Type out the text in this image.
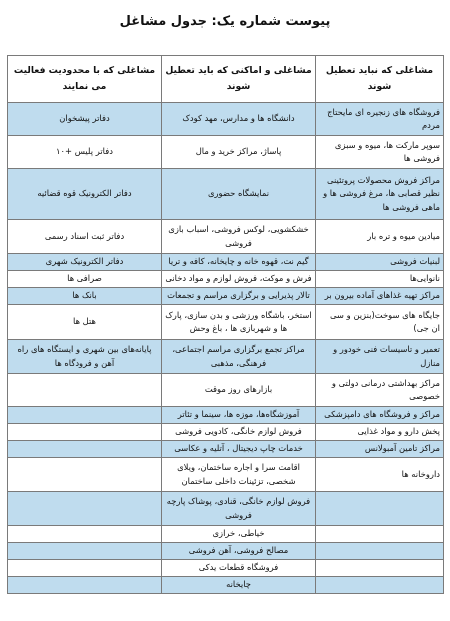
پیوست شماره یک: جدول مشاغل
مشاغلی که نباید تعطیل شوند	مشاغلی و اماکنی که باید تعطیل شوند	مشاغلی که با محدودیت فعالیت می نمایند
فروشگاه های زنجیره ای مایحتاج مردم	دانشگاه ها و مدارس، مهد کودک	دفاتر پیشخوان
سوپر مارکت ها، میوه و سبزی فروشی ها	پاساژ، مراکز خرید و مال	دفاتر پلیس +۱۰
مراکز فروش محصولات پروتئینی نظیر قصابی ها، مرغ فروشی ها و ماهی فروشی ها	نمایشگاه حضوری	دفاتر الکترونیک قوه قضائیه
میادین میوه و تره بار	خشکشویی، لوکس فروشی، اسباب بازی فروشی	دفاتر ثبت اسناد رسمی
لبنیات فروشی	گیم نت، قهوه خانه و چایخانه، کافه و تریا	دفاتر الکترونیک شهری
نانوایی‌ها	فرش و موکت، فروش لوازم و مواد دخانی	صرافی ها
مراکز تهیه غذاهای آماده بیرون بر	تالار پذیرایی و برگزاری مراسم و تجمعات	بانک ها
جایگاه های سوخت(بنزین و سی ان جی)	استخر، باشگاه ورزشی و بدن سازی، پارک ها و شهربازی ها ، باغ وحش	هتل ها
تعمیر و تاسیسات فنی خودور و منازل	مراکز تجمع برگزاری مراسم اجتماعی، فرهنگی، مذهبی	پایانه‌های بین شهری و ایستگاه های راه آهن و فرودگاه ها
مراکز بهداشتی درمانی دولتی و خصوصی	بازارهای روز موقت	
مراکز و فروشگاه های دامپزشکی	آموزشگاه‌ها، موزه ها، سینما و تئاتر	
پخش دارو و مواد غذایی	فروش لوازم خانگی، کادویی فروشی	
مراکز تامین آمبولانس	خدمات چاپ دیجیتال ، آتلیه و عکاسی	
داروخانه ها	اقامت سرا و اجاره ساختمان، ویلای شخصی، تزئینات داخلی ساختمان	
	فروش لوازم خانگی، قنادی، پوشاک پارچه فروشی	
	خیاطی، خرازی	
	مصالح فروشی، آهن فروشی	
	فروشگاه قطعات یدکی	
	چایخانه	
